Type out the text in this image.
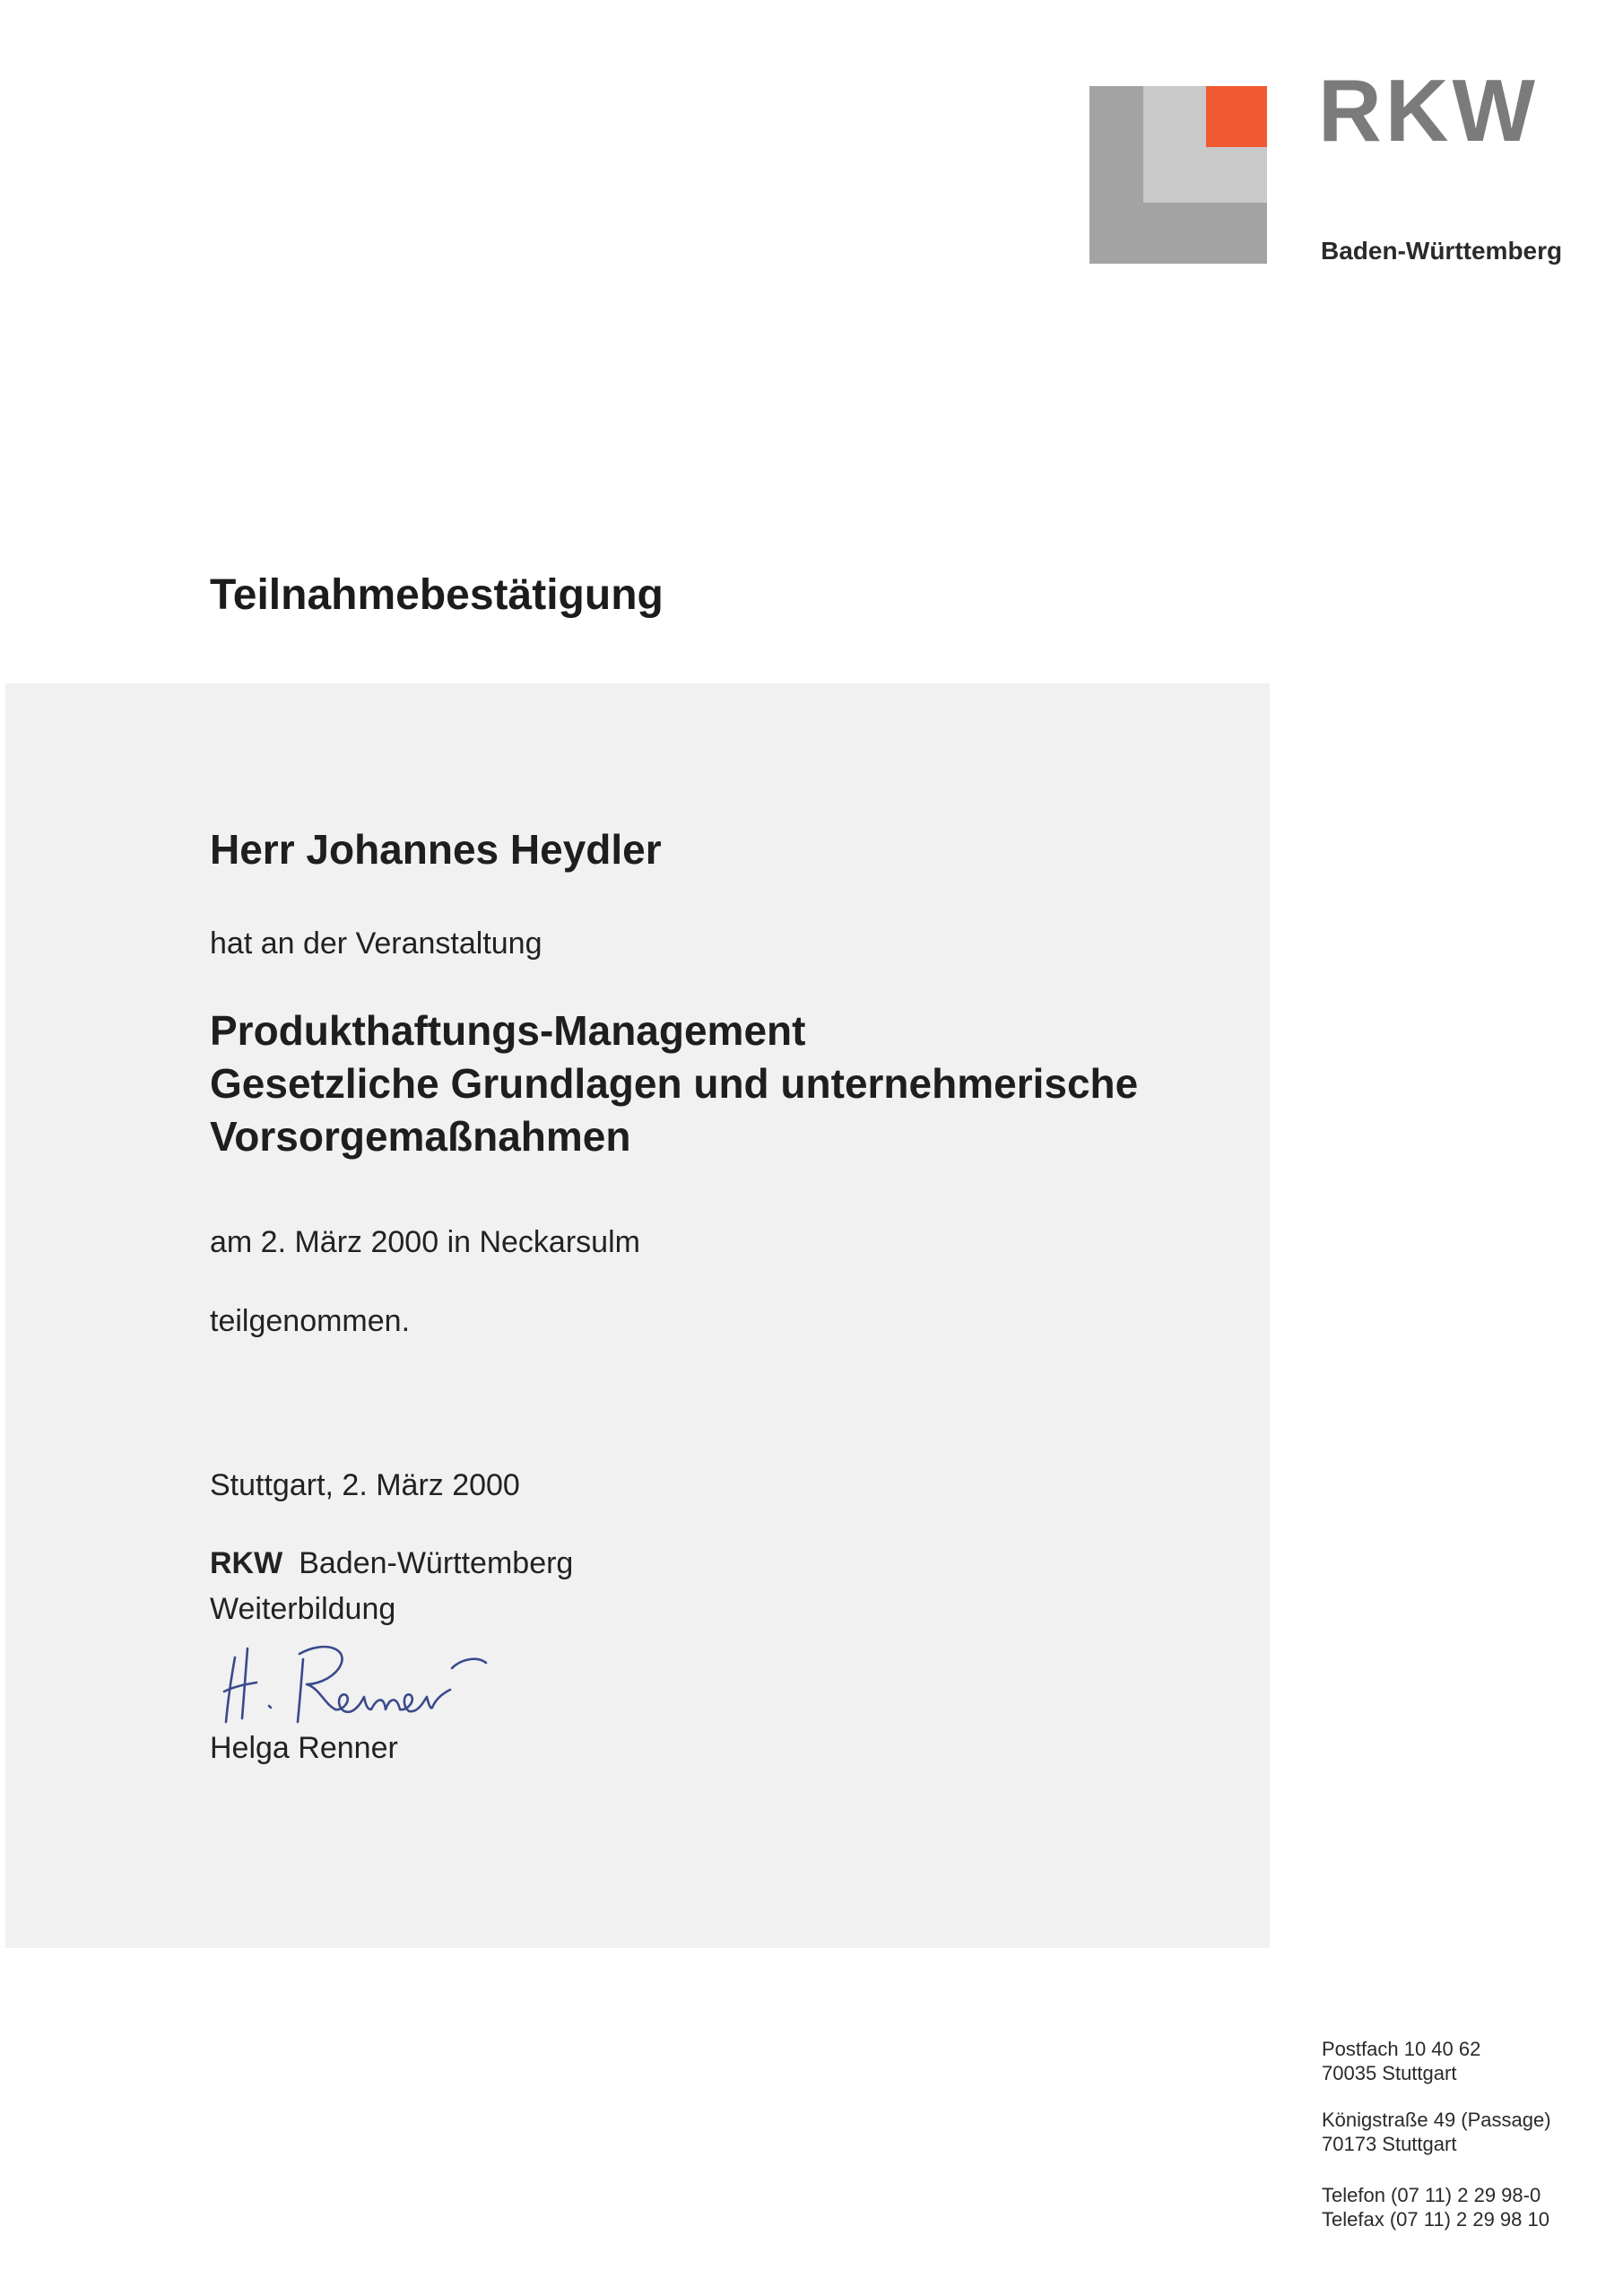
RKW
Baden-Württemberg
Teilnahmebestätigung
Herr Johannes Heydler
hat an der Veranstaltung
Produkthaftungs-Management
Gesetzliche Grundlagen und unternehmerische
Vorsorgemaßnahmen
am 2. März 2000 in Neckarsulm
teilgenommen.
Stuttgart, 2. März 2000
RKW Baden-Württemberg
Weiterbildung
Helga Renner
Postfach 10 40 62
70035 Stuttgart
Königstraße 49 (Passage)
70173 Stuttgart
Telefon (07 11) 2 29 98-0
Telefax (07 11) 2 29 98 10
